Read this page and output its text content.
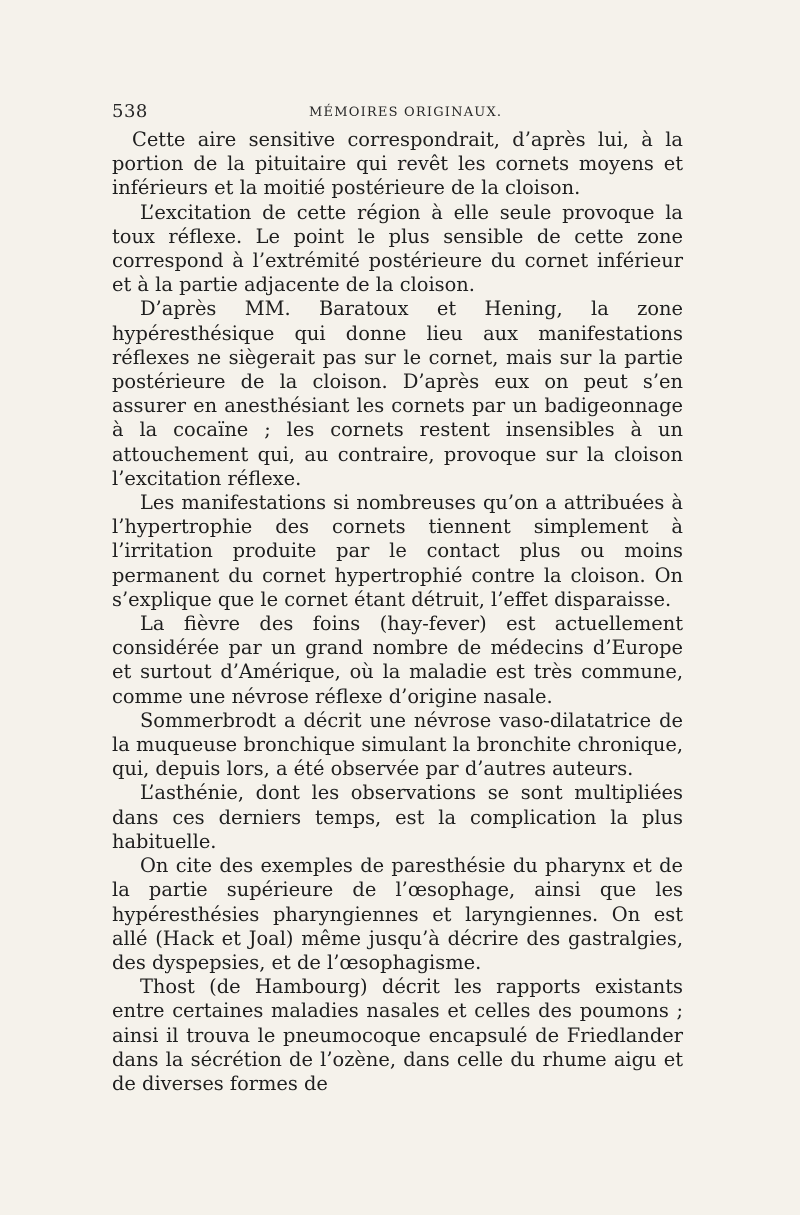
538	MÉMOIRES ORIGINAUX.

Cette aire sensitive correspondrait, d’après lui, à la portion de la pituitaire qui revêt les cornets moyens et inférieurs et la moitié postérieure de la cloison.

L’excitation de cette région à elle seule provoque la toux réflexe. Le point le plus sensible de cette zone correspond à l’extrémité postérieure du cornet inférieur et à la partie adjacente de la cloison.

D’après MM. Baratoux et Hening, la zone hypéresthésique qui donne lieu aux manifestations réflexes ne siègerait pas sur le cornet, mais sur la partie postérieure de la cloison. D’après eux on peut s’en assurer en anesthésiant les cornets par un badigeonnage à la cocaïne ; les cornets restent insensibles à un attouchement qui, au contraire, provoque sur la cloison l’excitation réflexe.

Les manifestations si nombreuses qu’on a attribuées à l’hypertrophie des cornets tiennent simplement à l’irritation produite par le contact plus ou moins permanent du cornet hypertrophié contre la cloison. On s’explique que le cornet étant détruit, l’effet disparaisse.

La fièvre des foins (hay-fever) est actuellement considérée par un grand nombre de médecins d’Europe et surtout d’Amérique, où la maladie est très commune, comme une névrose réflexe d’origine nasale.

Sommerbrodt a décrit une névrose vaso-dilatatrice de la muqueuse bronchique simulant la bronchite chronique, qui, depuis lors, a été observée par d’autres auteurs.

L’asthénie, dont les observations se sont multipliées dans ces derniers temps, est la complication la plus habituelle.

On cite des exemples de paresthésie du pharynx et de la partie supérieure de l’œsophage, ainsi que les hypéresthésies pharyngiennes et laryngiennes. On est allé (Hack et Joal) même jusqu’à décrire des gastralgies, des dyspepsies, et de l’œsophagisme.

Thost (de Hambourg) décrit les rapports existants entre certaines maladies nasales et celles des poumons ; ainsi il trouva le pneumocoque encapsulé de Friedlander dans la sécrétion de l’ozène, dans celle du rhume aigu et de diverses formes de
